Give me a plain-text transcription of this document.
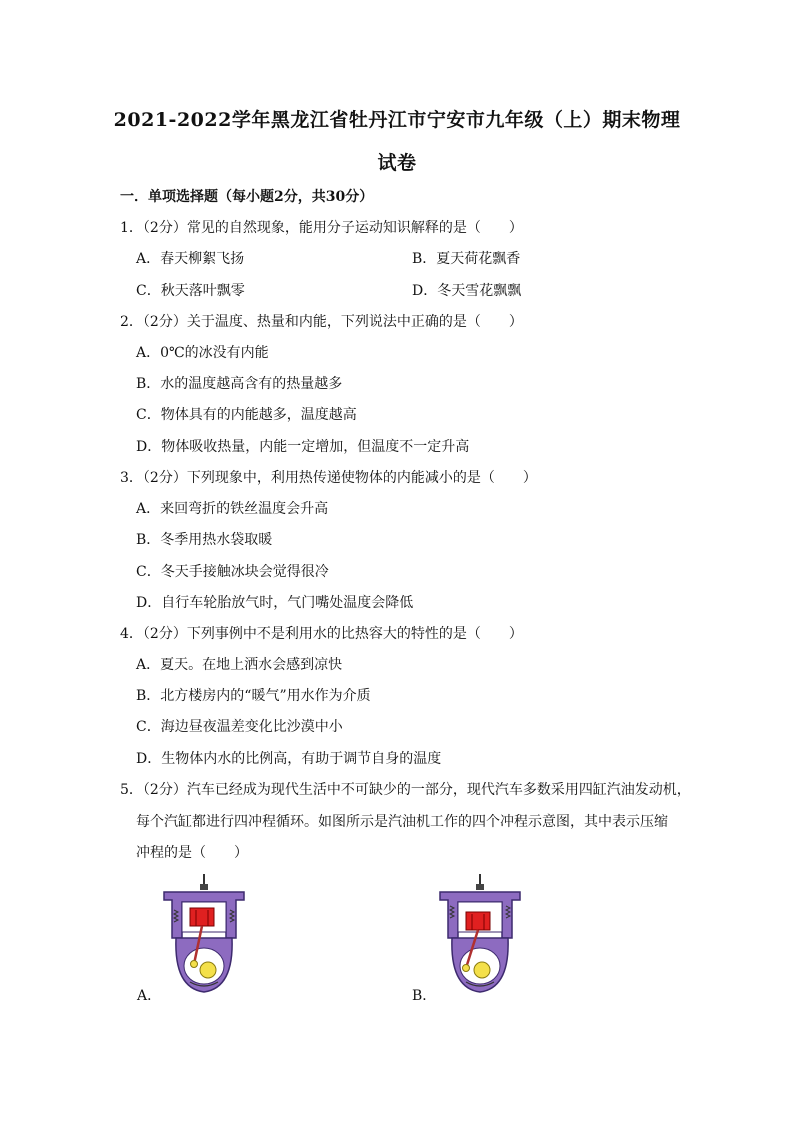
2021-2022学年黑龙江省牡丹江市宁安市九年级（上）期末物理
试卷
一．单项选择题（每小题2分，共30分）
1．（2分）常见的自然现象，能用分子运动知识解释的是（　　）
A．春天柳絮飞扬	B．夏天荷花飘香
C．秋天落叶飘零	D．冬天雪花飘飘
2．（2分）关于温度、热量和内能，下列说法中正确的是（　　）
A．0℃的冰没有内能
B．水的温度越高含有的热量越多
C．物体具有的内能越多，温度越高
D．物体吸收热量，内能一定增加，但温度不一定升高
3．（2分）下列现象中，利用热传递使物体的内能减小的是（　　）
A．来回弯折的铁丝温度会升高
B．冬季用热水袋取暖
C．冬天手接触冰块会觉得很冷
D．自行车轮胎放气时，气门嘴处温度会降低
4．（2分）下列事例中不是利用水的比热容大的特性的是（　　）
A．夏天。在地上洒水会感到凉快
B．北方楼房内的“暖气”用水作为介质
C．海边昼夜温差变化比沙漠中小
D．生物体内水的比例高，有助于调节自身的温度
5．（2分）汽车已经成为现代生活中不可缺少的一部分，现代汽车多数采用四缸汽油发动机，
每个汽缸都进行四冲程循环。如图所示是汽油机工作的四个冲程示意图，其中表示压缩
冲程的是（　　）
A．	B．
